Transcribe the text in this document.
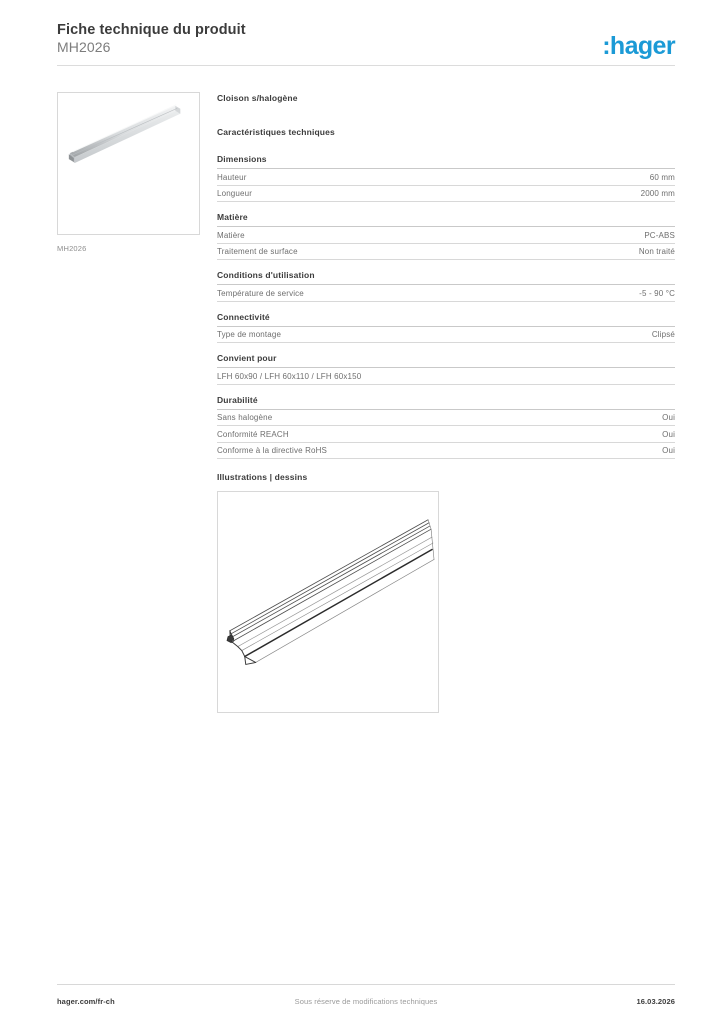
Fiche technique du produit
MH2026	:hager
MH2026
Cloison s/halogène
Caractéristiques techniques
Dimensions
Hauteur	60 mm
Longueur	2000 mm
Matière
Matière	PC-ABS
Traitement de surface	Non traité
Conditions d'utilisation
Température de service	-5 - 90 °C
Connectivité
Type de montage	Clipsé
Convient pour
LFH 60x90 / LFH 60x110 / LFH 60x150
Durabilité
Sans halogène	Oui
Conformité REACH	Oui
Conforme à la directive RoHS	Oui
Illustrations | dessins
hager.com/fr-ch	Sous réserve de modifications techniques	16.03.2026
